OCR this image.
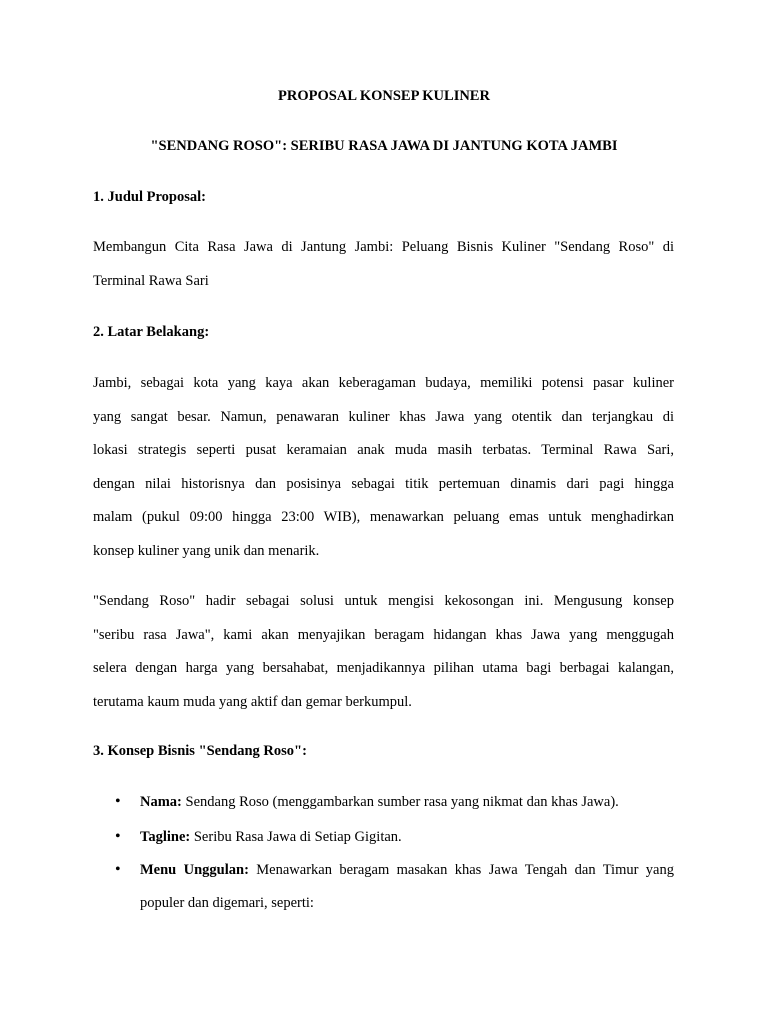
PROPOSAL KONSEP KULINER
"SENDANG ROSO": SERIBU RASA JAWA DI JANTUNG KOTA JAMBI
1. Judul Proposal:
Membangun Cita Rasa Jawa di Jantung Jambi: Peluang Bisnis Kuliner "Sendang Roso" di
Terminal Rawa Sari
2. Latar Belakang:
Jambi, sebagai kota yang kaya akan keberagaman budaya, memiliki potensi pasar kuliner
yang sangat besar. Namun, penawaran kuliner khas Jawa yang otentik dan terjangkau di
lokasi strategis seperti pusat keramaian anak muda masih terbatas. Terminal Rawa Sari,
dengan nilai historisnya dan posisinya sebagai titik pertemuan dinamis dari pagi hingga
malam (pukul 09:00 hingga 23:00 WIB), menawarkan peluang emas untuk menghadirkan
konsep kuliner yang unik dan menarik.
"Sendang Roso" hadir sebagai solusi untuk mengisi kekosongan ini. Mengusung konsep
"seribu rasa Jawa", kami akan menyajikan beragam hidangan khas Jawa yang menggugah
selera dengan harga yang bersahabat, menjadikannya pilihan utama bagi berbagai kalangan,
terutama kaum muda yang aktif dan gemar berkumpul.
3. Konsep Bisnis "Sendang Roso":
• Nama: Sendang Roso (menggambarkan sumber rasa yang nikmat dan khas Jawa).
• Tagline: Seribu Rasa Jawa di Setiap Gigitan.
• Menu Unggulan: Menawarkan beragam masakan khas Jawa Tengah dan Timur yang
populer dan digemari, seperti:
